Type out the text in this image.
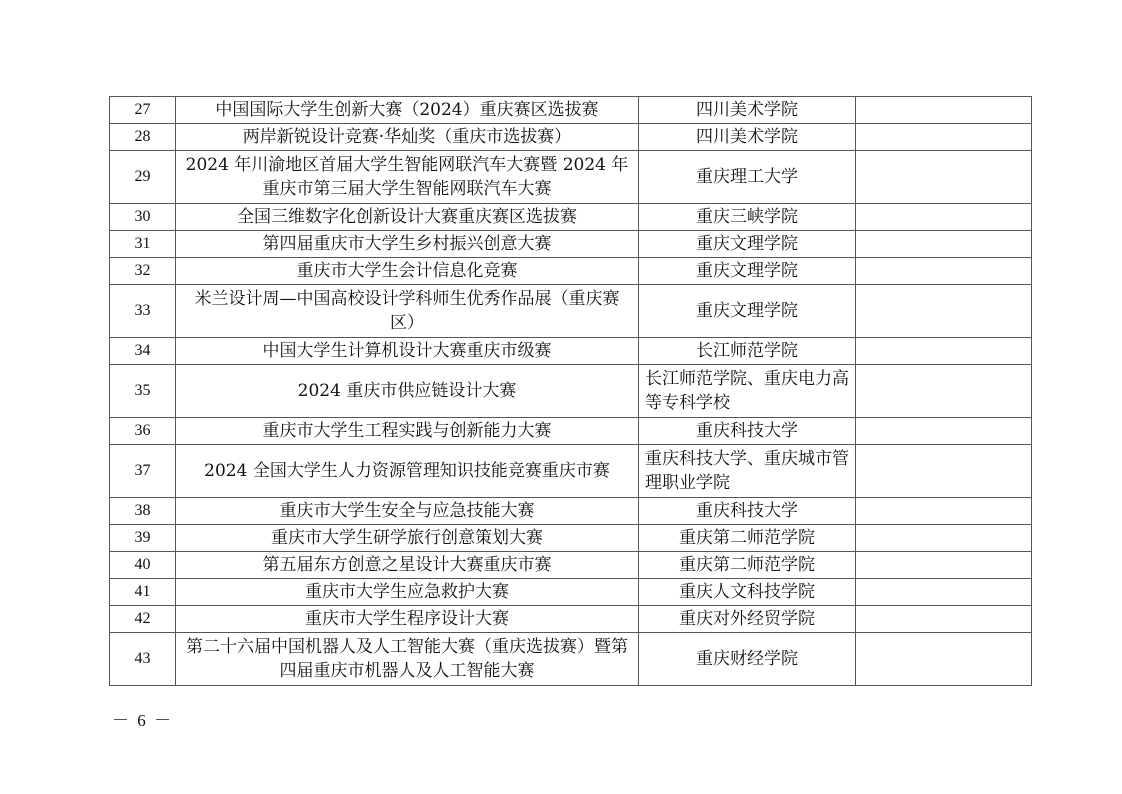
27	中国国际大学生创新大赛（2024）重庆赛区选拔赛	四川美术学院	
28	两岸新锐设计竞赛·华灿奖（重庆市选拔赛）	四川美术学院	
29	2024 年川渝地区首届大学生智能网联汽车大赛暨 2024 年重庆市第三届大学生智能网联汽车大赛	重庆理工大学	
30	全国三维数字化创新设计大赛重庆赛区选拔赛	重庆三峡学院	
31	第四届重庆市大学生乡村振兴创意大赛	重庆文理学院	
32	重庆市大学生会计信息化竞赛	重庆文理学院	
33	米兰设计周—中国高校设计学科师生优秀作品展（重庆赛区）	重庆文理学院	
34	中国大学生计算机设计大赛重庆市级赛	长江师范学院	
35	2024 重庆市供应链设计大赛	长江师范学院、重庆电力高等专科学校	
36	重庆市大学生工程实践与创新能力大赛	重庆科技大学	
37	2024 全国大学生人力资源管理知识技能竞赛重庆市赛	重庆科技大学、重庆城市管理职业学院	
38	重庆市大学生安全与应急技能大赛	重庆科技大学	
39	重庆市大学生研学旅行创意策划大赛	重庆第二师范学院	
40	第五届东方创意之星设计大赛重庆市赛	重庆第二师范学院	
41	重庆市大学生应急救护大赛	重庆人文科技学院	
42	重庆市大学生程序设计大赛	重庆对外经贸学院	
43	第二十六届中国机器人及人工智能大赛（重庆选拔赛）暨第四届重庆市机器人及人工智能大赛	重庆财经学院	
－ 6 －
